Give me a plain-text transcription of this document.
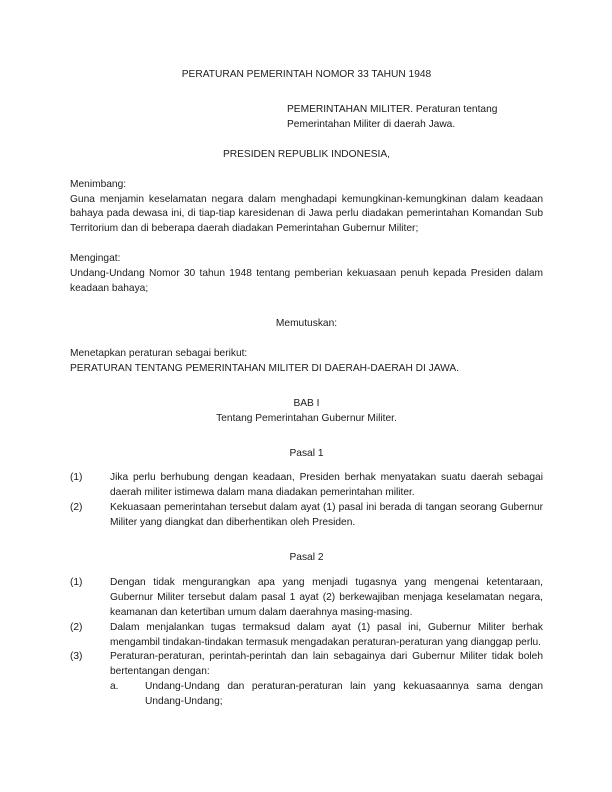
PERATURAN PEMERINTAH NOMOR 33 TAHUN 1948

PEMERINTAHAN MILITER. Peraturan tentang

Pemerintahan Militer di daerah Jawa.

PRESIDEN REPUBLIK INDONESIA,
Menimbang:
Guna menjamin keselamatan negara dalam menghadapi kemungkinan-kemungkinan dalam keadaan bahaya pada dewasa ini, di tiap-tiap karesidenan di Jawa perlu diadakan pemerintahan Komandan Sub Territorium dan di beberapa daerah diadakan Pemerintahan Gubernur Militer;
Mengingat:
Undang-Undang Nomor 30 tahun 1948 tentang pemberian kekuasaan penuh kepada Presiden dalam keadaan bahaya;
Memutuskan:
Menetapkan peraturan sebagai berikut:
PERATURAN TENTANG PEMERINTAHAN MILITER DI DAERAH-DAERAH DI JAWA.
BAB I
Tentang Pemerintahan Gubernur Militer.
Pasal 1
(1)	Jika perlu berhubung dengan keadaan, Presiden berhak menyatakan suatu daerah sebagai daerah militer istimewa dalam mana diadakan pemerintahan militer.
(2)	Kekuasaan pemerintahan tersebut dalam ayat (1) pasal ini berada di tangan seorang Gubernur Militer yang diangkat dan diberhentikan oleh Presiden.
Pasal 2
(1)	Dengan tidak mengurangkan apa yang menjadi tugasnya yang mengenai ketentaraan, Gubernur Militer tersebut dalam pasal 1 ayat (2) berkewajiban menjaga keselamatan negara, keamanan dan ketertiban umum dalam daerahnya masing-masing.
(2)	Dalam menjalankan tugas termaksud dalam ayat (1) pasal ini, Gubernur Militer berhak mengambil tindakan-tindakan termasuk mengadakan peraturan-peraturan yang dianggap perlu.
(3)	Peraturan-peraturan, perintah-perintah dan lain sebagainya dari Gubernur Militer tidak boleh bertentangan dengan:
a.	Undang-Undang dan peraturan-peraturan lain yang kekuasaannya sama dengan Undang-Undang;
